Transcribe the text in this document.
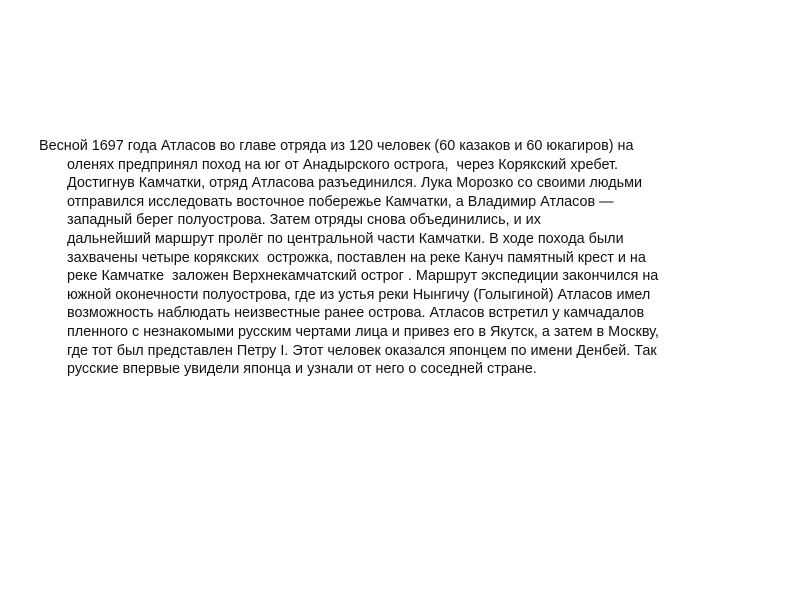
Весной 1697 года Атласов во главе отряда из 120 человек (60 казаков и 60 юкагиров) на
оленях предпринял поход на юг от Анадырского острога,  через Корякский хребет.
Достигнув Камчатки, отряд Атласова разъединился. Лука Морозко со своими людьми
отправился исследовать восточное побережье Камчатки, а Владимир Атласов —
западный берег полуострова. Затем отряды снова объединились, и их
дальнейший маршрут пролёг по центральной части Камчатки. В ходе похода были
захвачены четыре корякских  острожка, поставлен на реке Кануч памятный крест и на
реке Камчатке  заложен Верхнекамчатский острог . Маршрут экспедиции закончился на
южной оконечности полуострова, где из устья реки Нынгичу (Голыгиной) Атласов имел
возможность наблюдать неизвестные ранее острова. Атласов встретил у камчадалов
пленного с незнакомыми русским чертами лица и привез его в Якутск, а затем в Москву,
где тот был представлен Петру I. Этот человек оказался японцем по имени Денбей. Так
русские впервые увидели японца и узнали от него о соседней стране.
